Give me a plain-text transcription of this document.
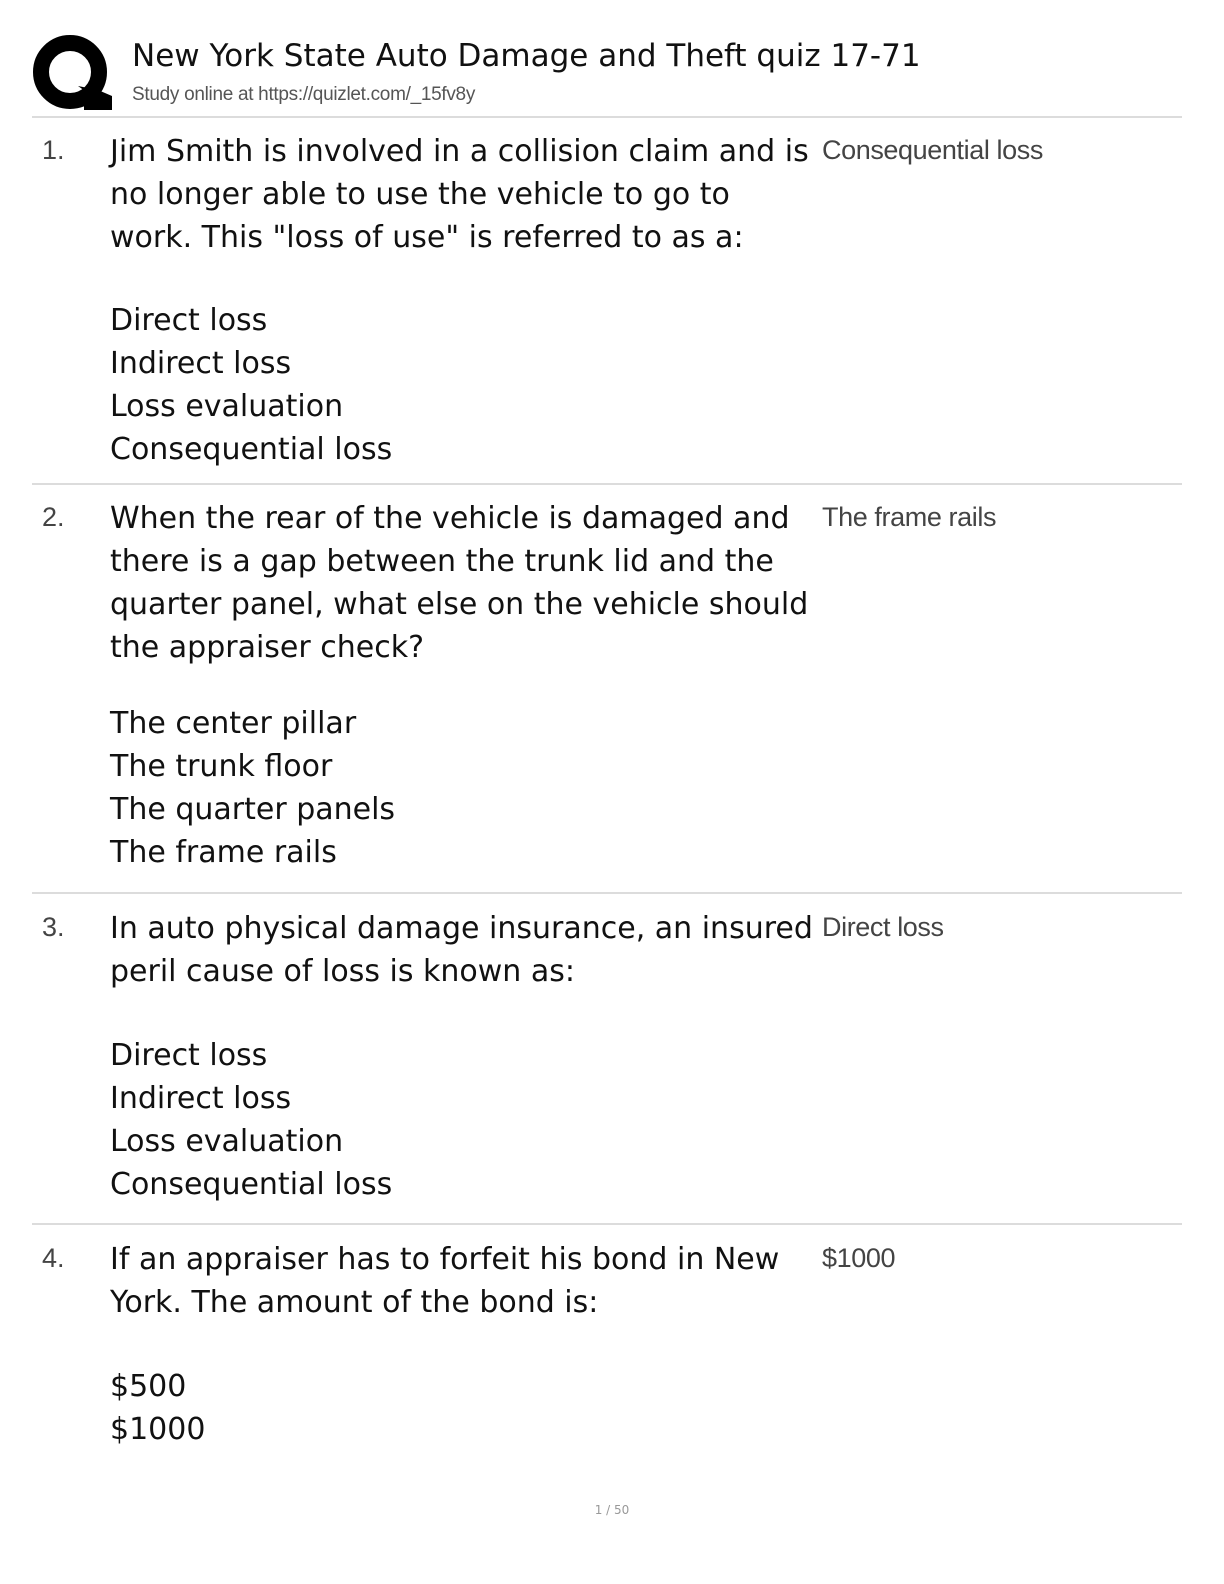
New York State Auto Damage and Theft quiz 17-71
Study online at https://quizlet.com/_15fv8y
1. Jim Smith is involved in a collision claim and is no longer able to use the vehicle to go to work. This "loss of use" is referred to as a:

Direct loss
Indirect loss
Loss evaluation
Consequential loss
Consequential loss
2. When the rear of the vehicle is damaged and there is a gap between the trunk lid and the quarter panel, what else on the vehicle should the appraiser check?

The center pillar
The trunk floor
The quarter panels
The frame rails
The frame rails
3. In auto physical damage insurance, an insured peril cause of loss is known as:

Direct loss
Indirect loss
Loss evaluation
Consequential loss
Direct loss
4. If an appraiser has to forfeit his bond in New York. The amount of the bond is:

$500
$1000
$1000
1 / 50
